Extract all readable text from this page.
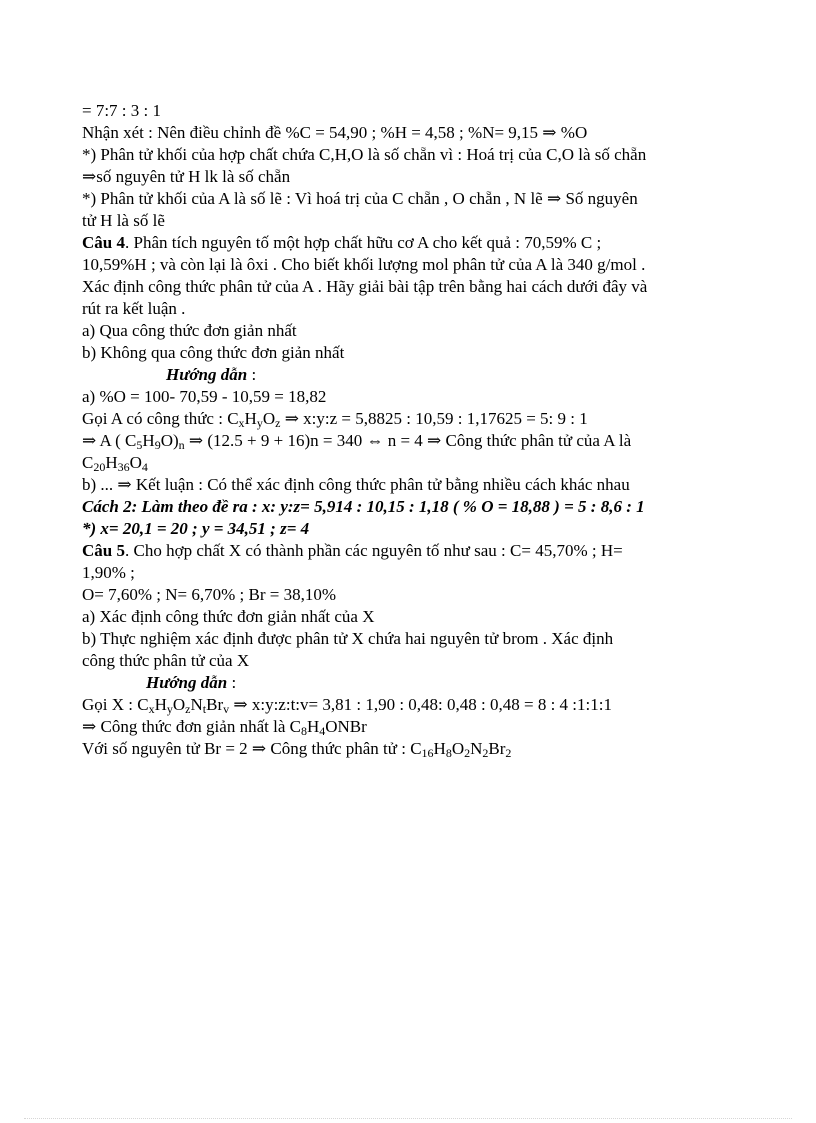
= 7:7 : 3 : 1
Nhận xét : Nên điều chỉnh đề %C = 54,90 ; %H = 4,58 ; %N= 9,15 ⇒ %O
*) Phân tử khối của hợp chất chứa C,H,O là số chẵn vì : Hoá trị của C,O là số chẵn
⇒số nguyên tử H lk là số chẵn
*) Phân tử khối của A là số lẽ : Vì hoá trị của C chẵn , O chẵn , N lẽ ⇒ Số nguyên
tử H là số lẽ
Câu 4. Phân tích nguyên tố một hợp chất hữu cơ A cho kết quả : 70,59% C ;
10,59%H ; và còn lại là ôxi . Cho biết khối lượng mol phân tử của A là 340 g/mol .
Xác định công thức phân tử của A . Hãy giải bài tập trên bằng hai cách dưới đây và
rút ra kết luận .
a) Qua công thức đơn giản nhất
b) Không qua công thức đơn giản nhất
Hướng dẫn :
a) %O = 100- 70,59 - 10,59 = 18,82
Gọi A có công thức : $C_xH_yO_z$ ⇒ x:y:z = 5,8825 : 10,59 : 1,17625 = 5: 9 : 1
⇒ A ( $C_5H_9O)_n$ ⇒ (12.5 + 9 + 16)n = 340 ⇔ n = 4 ⇒ Công thức phân tử của A là
$C_{20}H_{36}O_4$
b) ... ⇒ Kết luận : Có thể xác định công thức phân tử bằng nhiều cách khác nhau
Cách 2: Làm theo đề ra : x: y:z= 5,914 : 10,15 : 1,18 ( % O = 18,88 ) = 5 : 8,6 : 1
*) x= 20,1 = 20 ; y = 34,51 ; z= 4
Câu 5. Cho hợp chất X có thành phần các nguyên tố như sau : C= 45,70% ; H=
1,90% ;
O= 7,60% ; N= 6,70% ; Br = 38,10%
a) Xác định công thức đơn giản nhất của X
b) Thực nghiệm xác định được phân tử X chứa hai nguyên tử brom . Xác định
công thức phân tử của X
Hướng dẫn :
Gọi X : $C_xH_yO_zN_tBr_v$ ⇒ x:y:z:t:v= 3,81 : 1,90 : 0,48: 0,48 : 0,48 = 8 : 4 :1:1:1
⇒ Công thức đơn giản nhất là $C_8H_4ONBr$
Với số nguyên tử Br = 2 ⇒ Công thức phân tử : $C_{16}H_8O_2N_2Br_2$
